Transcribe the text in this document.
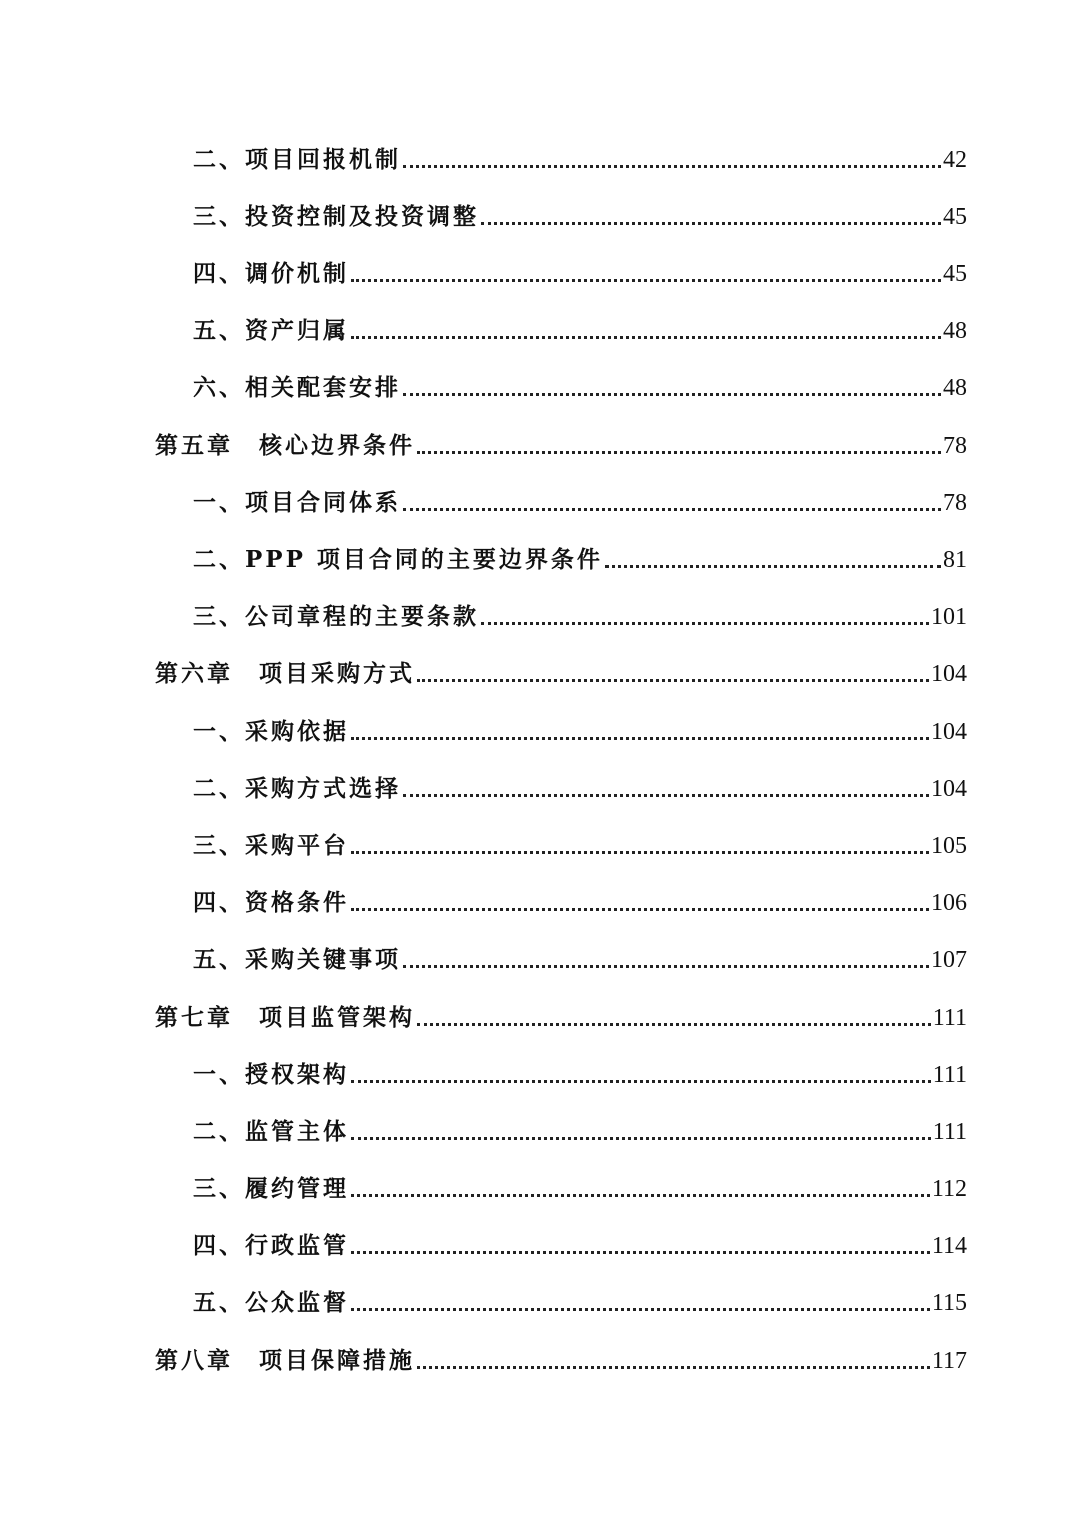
二、项目回报机制	42
三、投资控制及投资调整	45
四、调价机制	45
五、资产归属	48
六、相关配套安排	48
第五章　核心边界条件	78
一、项目合同体系	78
二、PPP 项目合同的主要边界条件	81
三、公司章程的主要条款	101
第六章　项目采购方式	104
一、采购依据	104
二、采购方式选择	104
三、采购平台	105
四、资格条件	106
五、采购关键事项	107
第七章　项目监管架构	111
一、授权架构	111
二、监管主体	111
三、履约管理	112
四、行政监管	114
五、公众监督	115
第八章　项目保障措施	117
